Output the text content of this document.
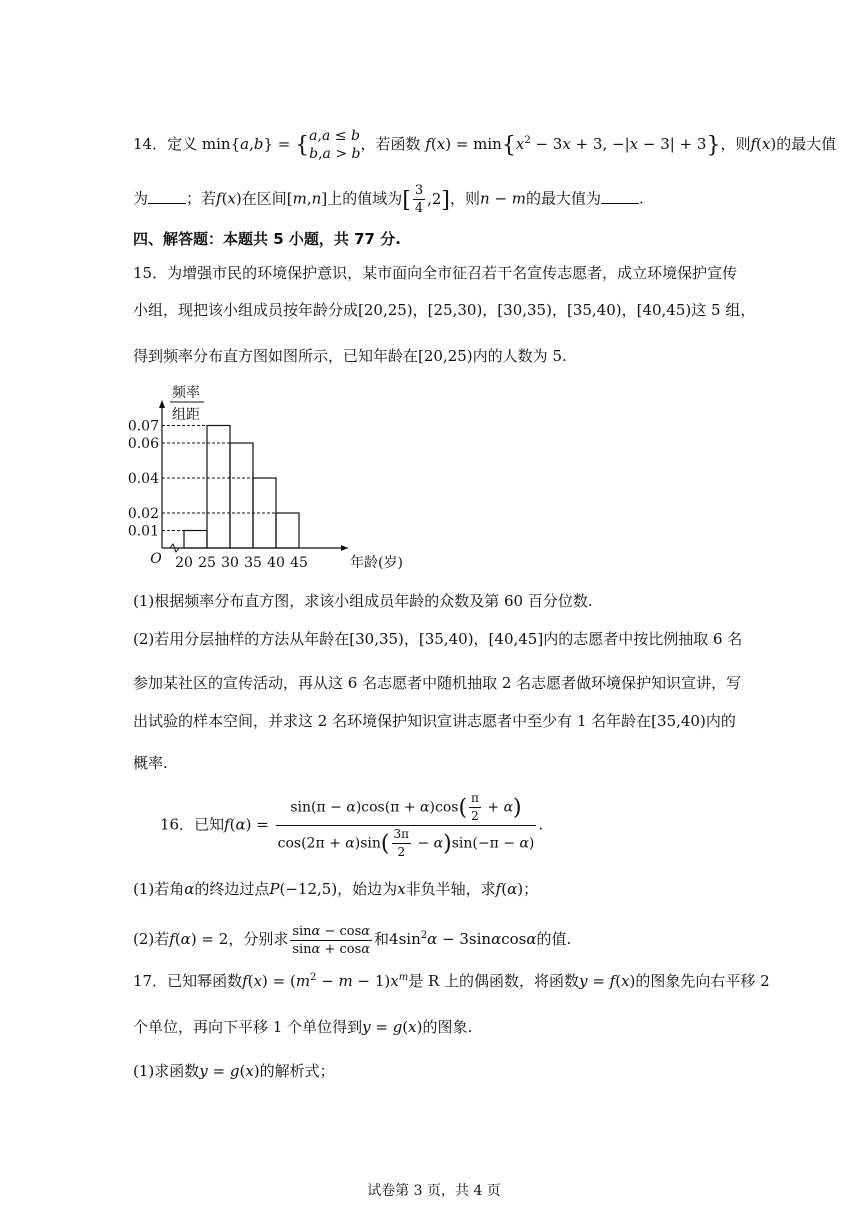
14．定义 min{a,b} = {a,a ≤ b
b,a > b，若函数 $f(x) = \min\{x^2 - 3x + 3$, −|x − 3| + 3}，则f(x)的最大值
为	；若f(x)在区间[m,n]上的值域为[ $\frac{3}{4} ,2$]，则n − m的最大值为	.
四、解答题：本题共 5 小题，共 77 分.
15．为增强市民的环境保护意识，某市面向全市征召若干名宣传志愿者，成立环境保护宣传
小组，现把该小组成员按年龄分成[20,25)，[25,30)，[30,35)，[35,40)，[40,45)这 5 组，
得到频率分布直方图如图所示，已知年龄在[20,25)内的人数为 5.
频率
组距
0.07
0.06
0.04
0.02
0.01
20 25 30 35 40 45
O	年龄(岁)
(1)根据频率分布直方图，求该小组成员年龄的众数及第 60 百分位数.
(2)若用分层抽样的方法从年龄在[30,35)，[35,40)，[40,45]内的志愿者中按比例抽取 6 名
参加某社区的宣传活动，再从这 6 名志愿者中随机抽取 2 名志愿者做环境保护知识宣讲，写
出试验的样本空间，并求这 2 名环境保护知识宣讲志愿者中至少有 1 名年龄在[35,40)内的
概率.
16．已知$f(\alpha) = \frac{\sin(\pi - \alpha)\cos(\pi + \alpha)\cos( \frac{\pi}{2} + \alpha)}{\cos(2\pi + \alpha)\sin( \frac{3\pi}{2} - \alpha)\sin(-\pi - \alpha)}$ .
(1)若角α的终边过点P(−12,5)，始边为x非负半轴，求f(α)；
(2)若f(α) = 2，分别求 $\frac{\sin\alpha - \cos\alpha}{\sin\alpha + \cos\alpha}$ 和$4\sin^2\alpha - 3\sin\alpha\cos\alpha$的值.
17．已知幂函数$f(x) = (m^2 - m - 1)x^m$是 R 上的偶函数，将函数y = f(x)的图象先向右平移 2
个单位，再向下平移 1 个单位得到y = g(x)的图象.
(1)求函数y = g(x)的解析式；
试卷第 3 页，共 4 页
